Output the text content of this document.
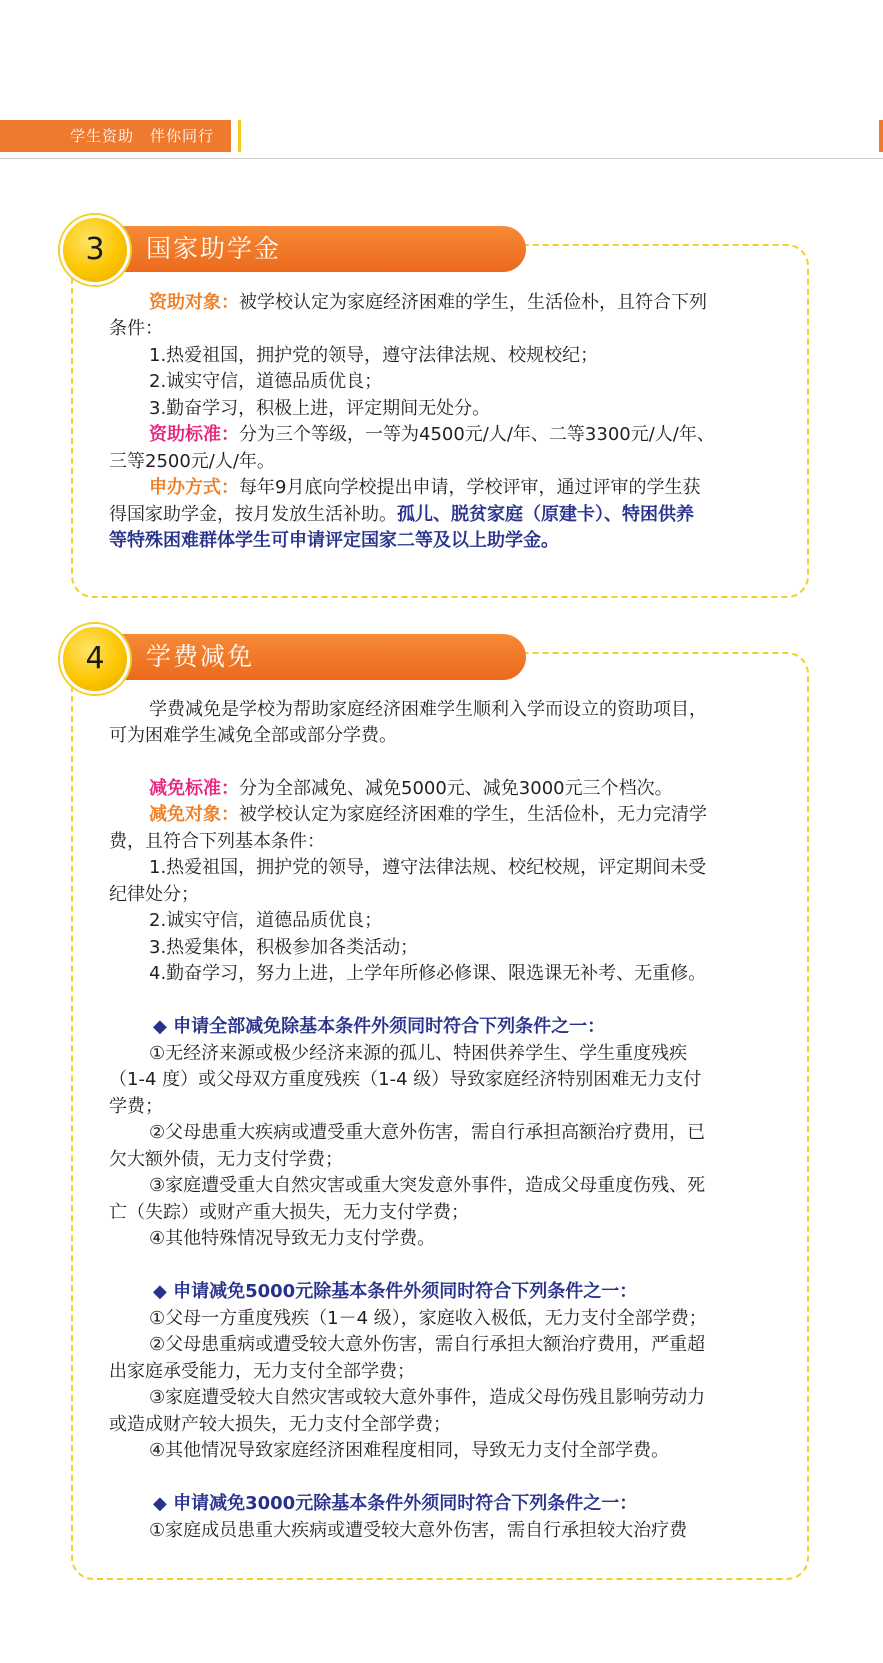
学生资助　伴你同行
国家助学金
3
资助对象：被学校认定为家庭经济困难的学生，生活俭朴，且符合下列
条件：
1.热爱祖国，拥护党的领导，遵守法律法规、校规校纪；
2.诚实守信，道德品质优良；
3.勤奋学习，积极上进，评定期间无处分。
资助标准：分为三个等级，一等为4500元/人/年、二等3300元/人/年、
三等2500元/人/年。
申办方式：每年9月底向学校提出申请，学校评审，通过评审的学生获
得国家助学金，按月发放生活补助。孤儿、脱贫家庭（原建卡）、特困供养
等特殊困难群体学生可申请评定国家二等及以上助学金。
学费减免
4
学费减免是学校为帮助家庭经济困难学生顺利入学而设立的资助项目，
可为困难学生减免全部或部分学费。
减免标准：分为全部减免、减免5000元、减免3000元三个档次。
减免对象：被学校认定为家庭经济困难的学生，生活俭朴，无力完清学
费，且符合下列基本条件：
1.热爱祖国，拥护党的领导，遵守法律法规、校纪校规，评定期间未受
纪律处分；
2.诚实守信，道德品质优良；
3.热爱集体，积极参加各类活动；
4.勤奋学习，努力上进，上学年所修必修课、限选课无补考、无重修。
◆ 申请全部减免除基本条件外须同时符合下列条件之一：
①无经济来源或极少经济来源的孤儿、特困供养学生、学生重度残疾
（1-4 度）或父母双方重度残疾（1-4 级）导致家庭经济特别困难无力支付
学费；
②父母患重大疾病或遭受重大意外伤害，需自行承担高额治疗费用，已
欠大额外债，无力支付学费；
③家庭遭受重大自然灾害或重大突发意外事件，造成父母重度伤残、死
亡（失踪）或财产重大损失，无力支付学费；
④其他特殊情况导致无力支付学费。
◆ 申请减免5000元除基本条件外须同时符合下列条件之一：
①父母一方重度残疾（1－4 级），家庭收入极低，无力支付全部学费；
②父母患重病或遭受较大意外伤害，需自行承担大额治疗费用，严重超
出家庭承受能力，无力支付全部学费；
③家庭遭受较大自然灾害或较大意外事件，造成父母伤残且影响劳动力
或造成财产较大损失，无力支付全部学费；
④其他情况导致家庭经济困难程度相同，导致无力支付全部学费。
◆ 申请减免3000元除基本条件外须同时符合下列条件之一：
①家庭成员患重大疾病或遭受较大意外伤害，需自行承担较大治疗费
